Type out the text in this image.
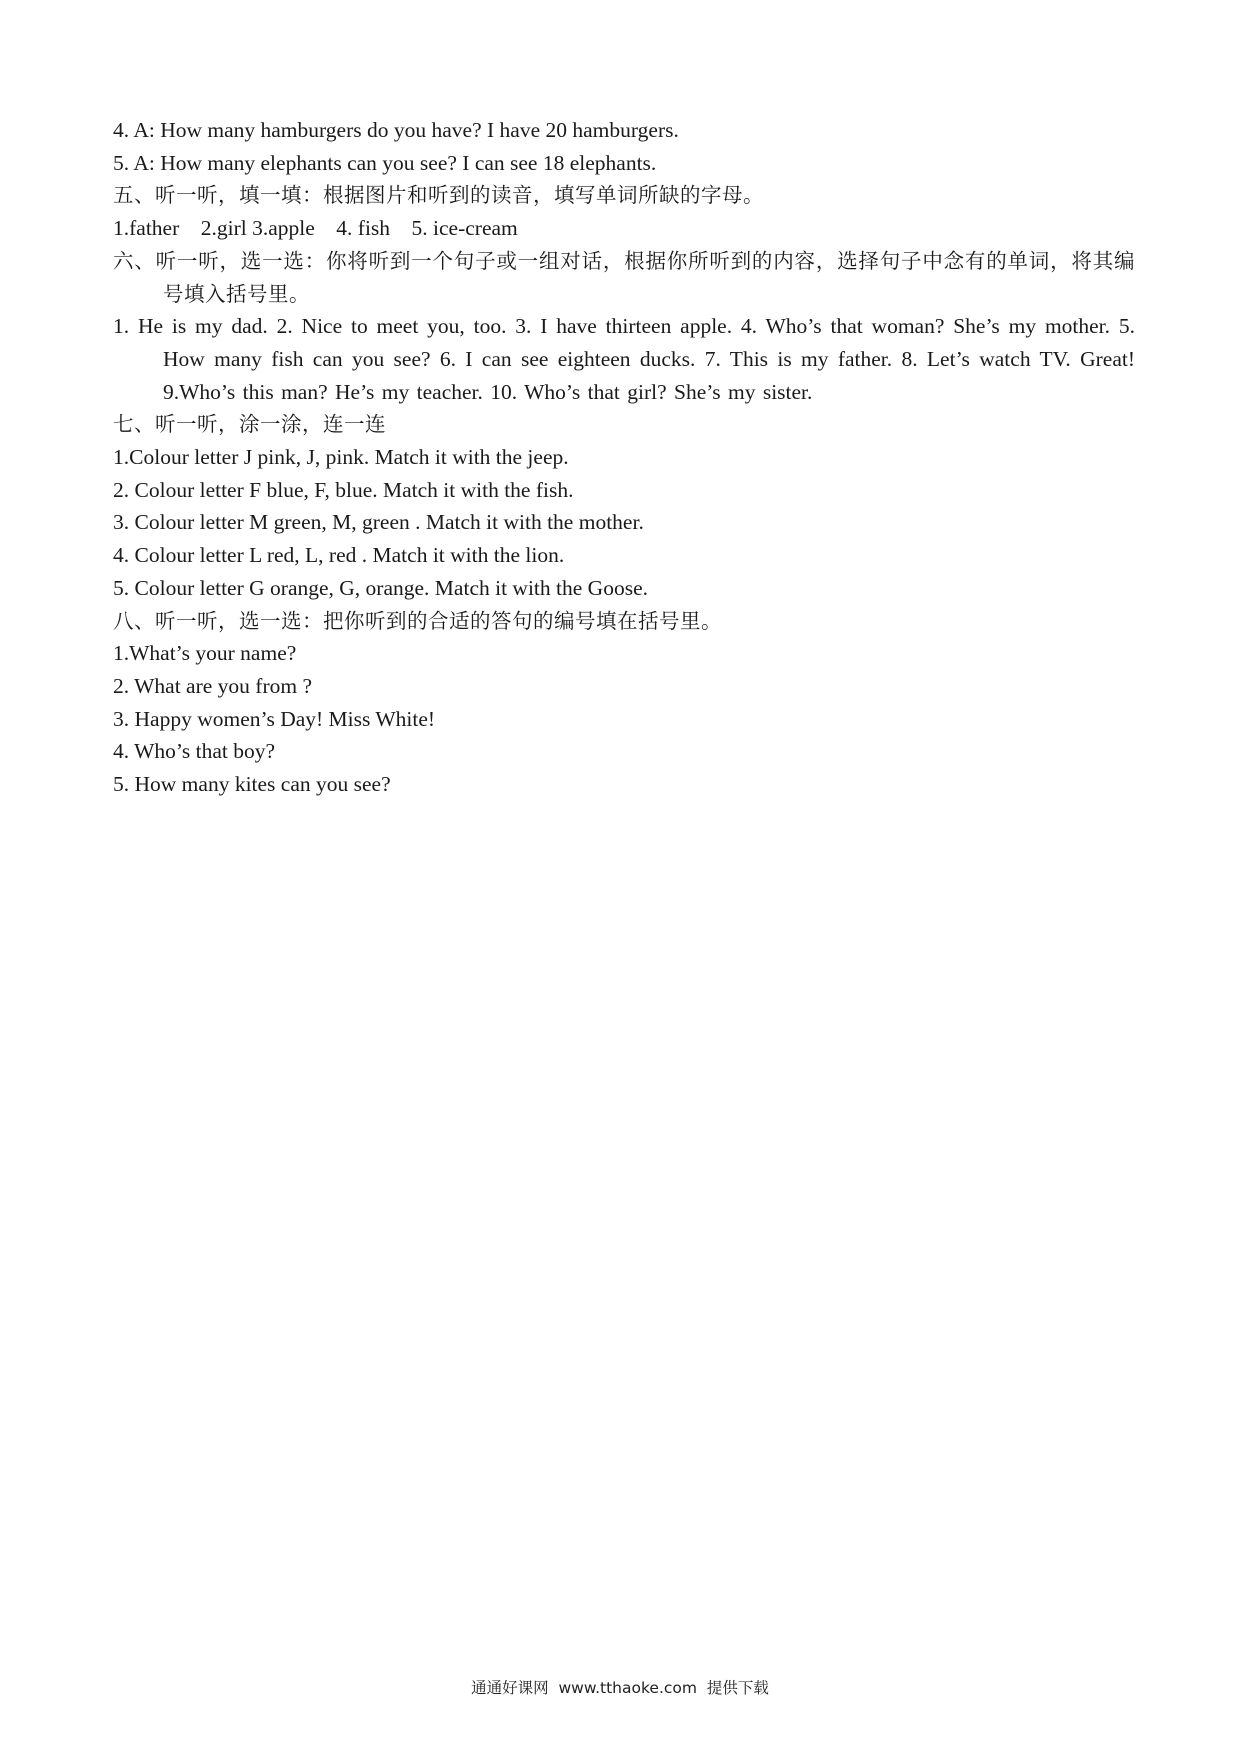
4. A: How many hamburgers do you have? I have 20 hamburgers.
5. A: How many elephants can you see? I can see 18 elephants.
五、听一听，填一填：根据图片和听到的读音，填写单词所缺的字母。
1.father    2.girl 3.apple    4. fish    5. ice-cream
六、听一听，选一选：你将听到一个句子或一组对话，根据你所听到的内容，选择句子中念有的单词，将其编号填入括号里。
1. He is my dad. 2. Nice to meet you, too. 3. I have thirteen apple. 4. Who’s that woman? She’s my mother. 5. How many fish can you see? 6. I can see eighteen ducks. 7. This is my father. 8. Let’s watch TV. Great! 9.Who’s this man? He’s my teacher. 10. Who’s that girl? She’s my sister.
七、听一听，涂一涂，连一连
1.Colour letter J pink, J, pink. Match it with the jeep.
2. Colour letter F blue, F, blue. Match it with the fish.
3. Colour letter M green, M, green . Match it with the mother.
4. Colour letter L red, L, red . Match it with the lion.
5. Colour letter G orange, G, orange. Match it with the Goose.
八、听一听，选一选：把你听到的合适的答句的编号填在括号里。
1.What’s your name?
2. What are you from ?
3. Happy women’s Day! Miss White!
4. Who’s that boy?
5. How many kites can you see?
通通好课网  www.tthaoke.com  提供下载
